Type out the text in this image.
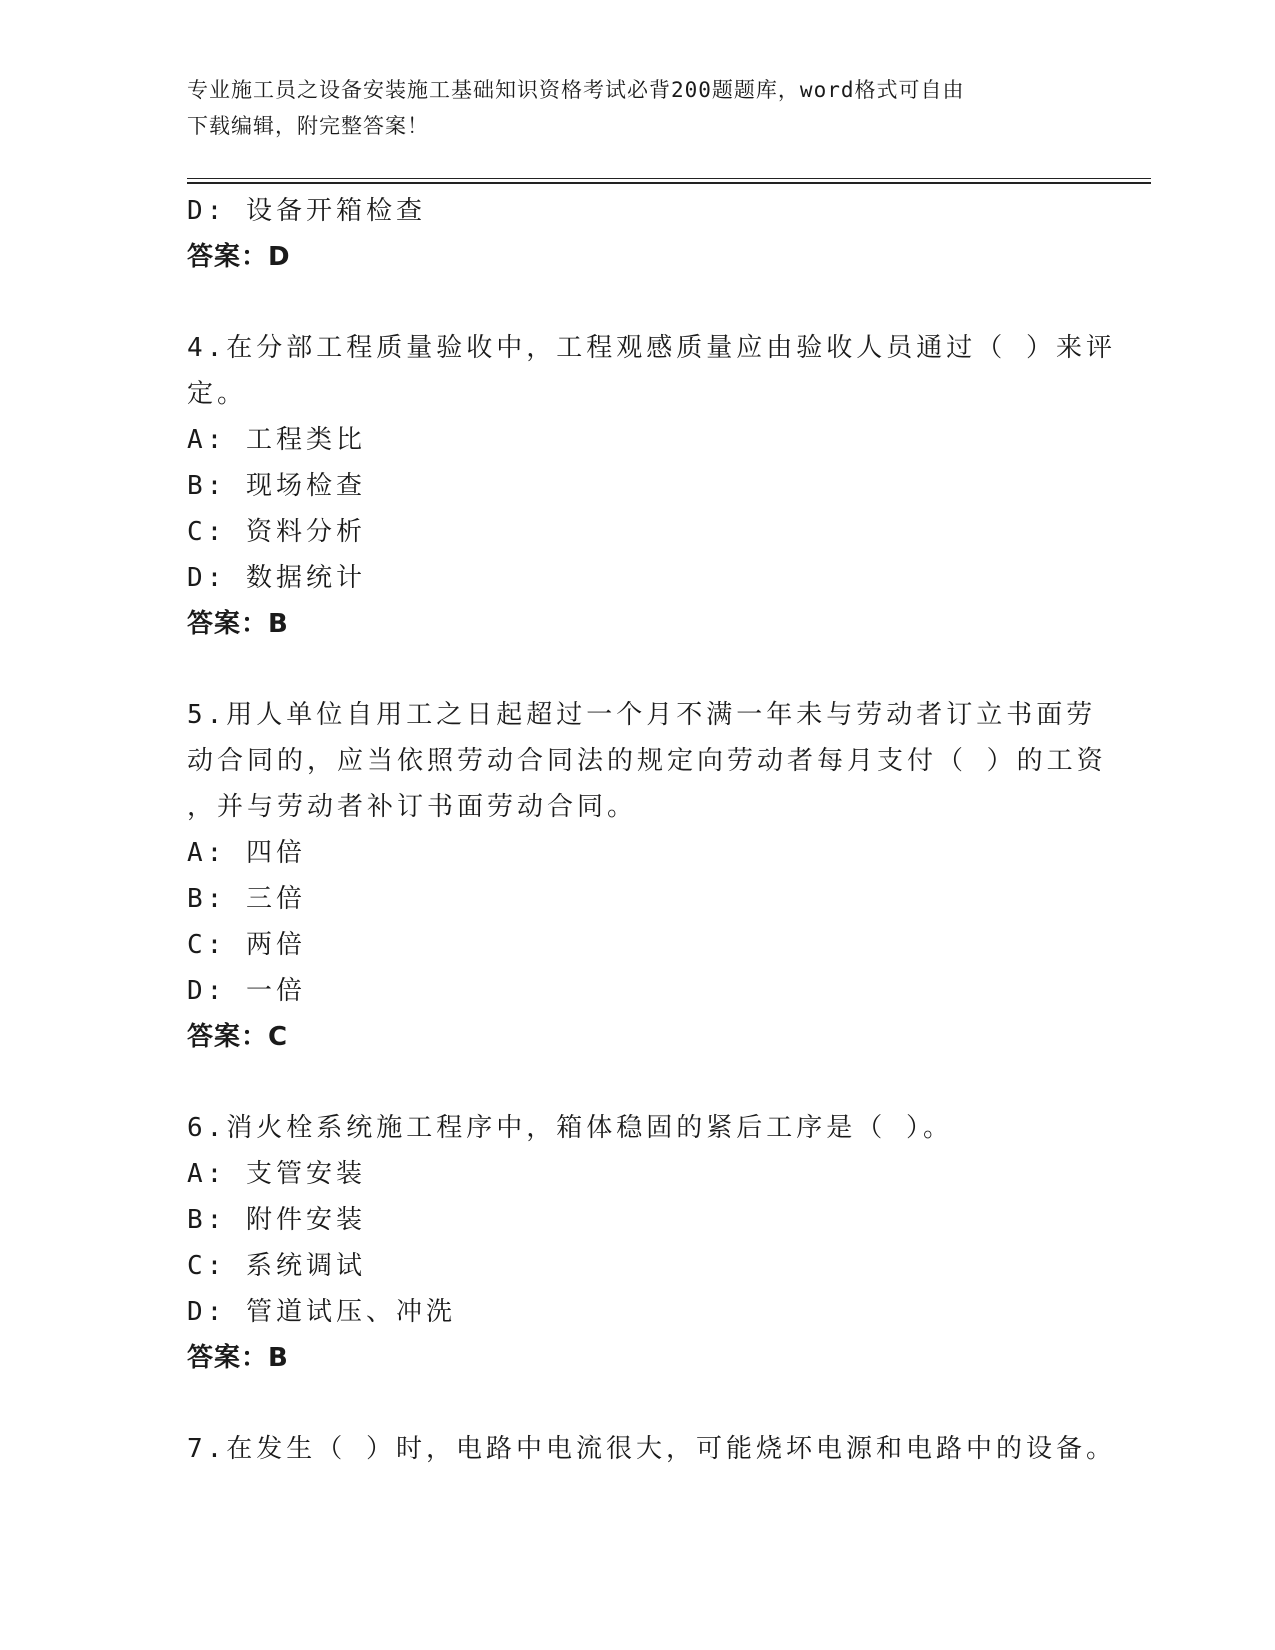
专业施工员之设备安装施工基础知识资格考试必背200题题库，word格式可自由
下载编辑，附完整答案！
D: 设备开箱检查
答案：D
4.在分部工程质量验收中，工程观感质量应由验收人员通过（ ）来评
定。
A: 工程类比
B: 现场检查
C: 资料分析
D: 数据统计
答案：B
5.用人单位自用工之日起超过一个月不满一年未与劳动者订立书面劳
动合同的，应当依照劳动合同法的规定向劳动者每月支付（ ）的工资
，并与劳动者补订书面劳动合同。
A: 四倍
B: 三倍
C: 两倍
D: 一倍
答案：C
6.消火栓系统施工程序中，箱体稳固的紧后工序是（ ）。
A: 支管安装
B: 附件安装
C: 系统调试
D: 管道试压、冲洗
答案：B
7.在发生（ ）时，电路中电流很大，可能烧坏电源和电路中的设备。
